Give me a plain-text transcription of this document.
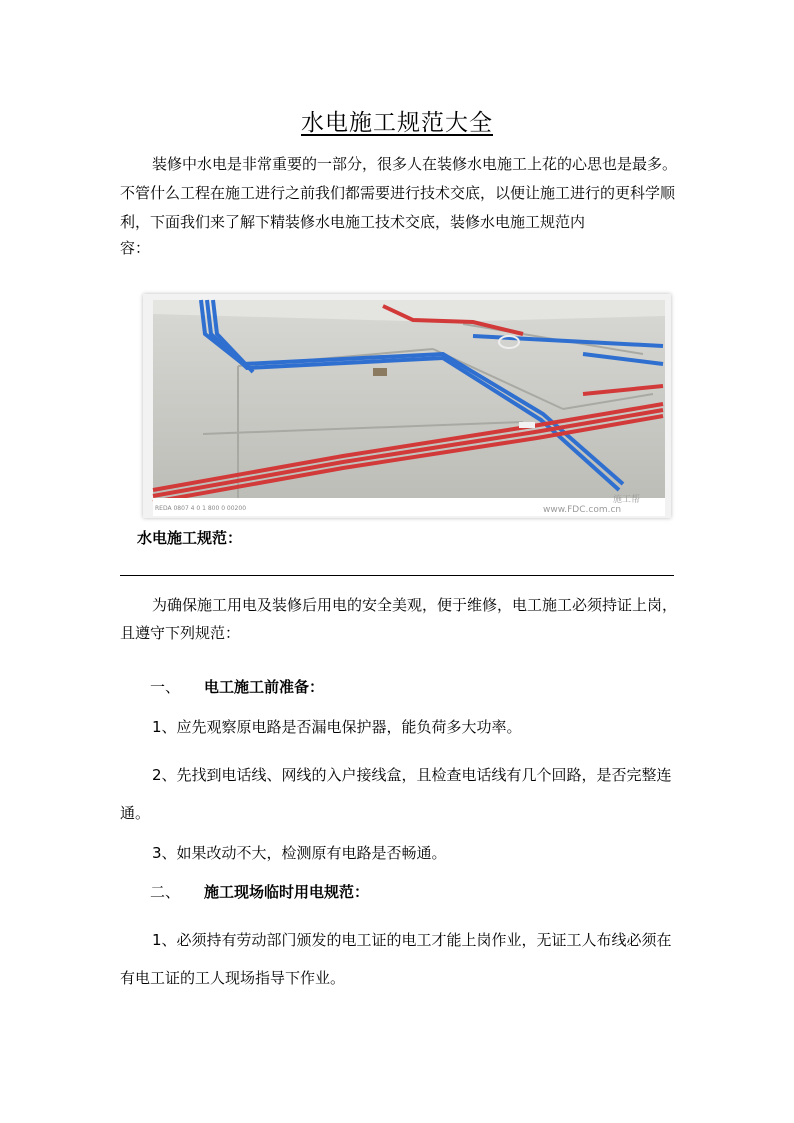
水电施工规范大全

装修中水电是非常重要的一部分，很多人在装修水电施工上花的心思也是最多。不管什么工程在施工进行之前我们都需要进行技术交底，以便让施工进行的更科学顺利，下面我们来了解下精装修水电施工技术交底，装修水电施工规范内
容：

REDA 0807 4 0 1 800 0 00200	www.FDC.com.cn
施工帮

水电施工规范：

为确保施工用电及装修后用电的安全美观，便于维修，电工施工必须持证上岗，且遵守下列规范：

一、 电工施工前准备：

1、应先观察原电路是否漏电保护器，能负荷多大功率。

2、先找到电话线、网线的入户接线盒，且检查电话线有几个回路，是否完整连通。

3、如果改动不大，检测原有电路是否畅通。

二、 施工现场临时用电规范：

1、必须持有劳动部门颁发的电工证的电工才能上岗作业，无证工人布线必须在有电工证的工人现场指导下作业。
